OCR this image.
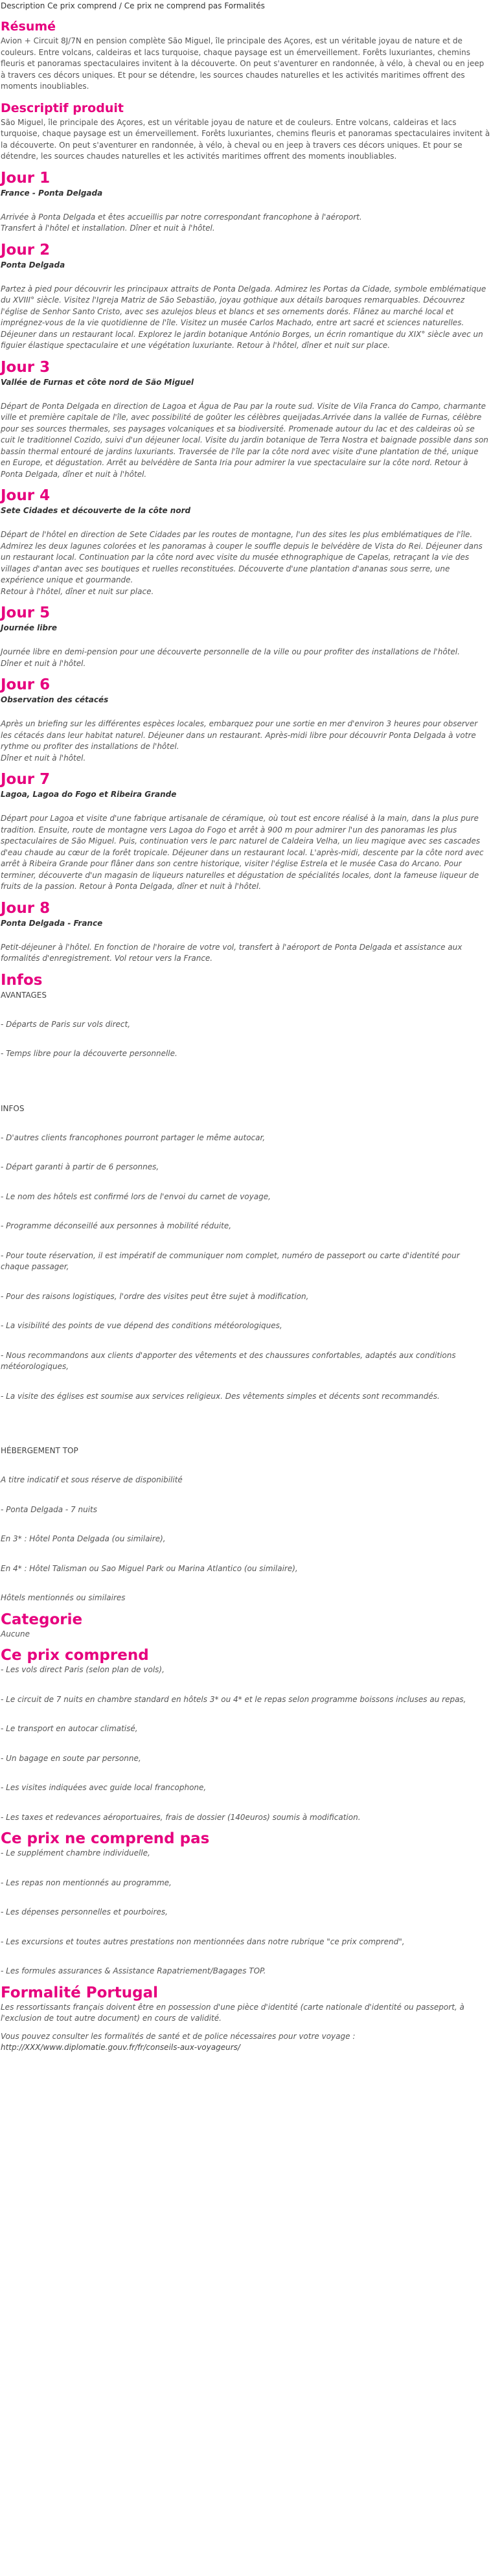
Description Ce prix comprend / Ce prix ne comprend pas Formalités
Résumé

Avion + Circuit 8J/7N en pension complète São Miguel, île principale des Açores, est un véritable joyau de nature et de couleurs. Entre volcans, caldeiras et lacs turquoise, chaque paysage est un émerveillement. Forêts luxuriantes, chemins fleuris et panoramas spectaculaires invitent à la découverte. On peut s'aventurer en randonnée, à vélo, à cheval ou en jeep à travers ces décors uniques. Et pour se détendre, les sources chaudes naturelles et les activités maritimes offrent des moments inoubliables.

Descriptif produit

São Miguel, île principale des Açores, est un véritable joyau de nature et de couleurs. Entre volcans, caldeiras et lacs turquoise, chaque paysage est un émerveillement. Forêts luxuriantes, chemins fleuris et panoramas spectaculaires invitent à la découverte. On peut s'aventurer en randonnée, à vélo, à cheval ou en jeep à travers ces décors uniques. Et pour se détendre, les sources chaudes naturelles et les activités maritimes offrent des moments inoubliables.

Jour 1

France - Ponta Delgada

Arrivée à Ponta Delgada et êtes accueillis par notre correspondant francophone à l'aéroport.
Transfert à l'hôtel et installation. Dîner et nuit à l'hôtel.

Jour 2

Ponta Delgada

Partez à pied pour découvrir les principaux attraits de Ponta Delgada. Admirez les Portas da Cidade, symbole emblématique du XVIII° siècle. Visitez l'Igreja Matriz de São Sebastião, joyau gothique aux détails baroques remarquables. Découvrez l'église de Senhor Santo Cristo, avec ses azulejos bleus et blancs et ses ornements dorés. Flânez au marché local et imprégnez-vous de la vie quotidienne de l'île. Visitez un musée Carlos Machado, entre art sacré et sciences naturelles. Déjeuner dans un restaurant local. Explorez le jardin botanique António Borges, un écrin romantique du XIX° siècle avec un figuier élastique spectaculaire et une végétation luxuriante. Retour à l'hôtel, dîner et nuit sur place.

Jour 3

Vallée de Furnas et côte nord de São Miguel

Départ de Ponta Delgada en direction de Lagoa et Água de Pau par la route sud. Visite de Vila Franca do Campo, charmante ville et première capitale de l'île, avec possibilité de goûter les célèbres queijadas.Arrivée dans la vallée de Furnas, célèbre pour ses sources thermales, ses paysages volcaniques et sa biodiversité. Promenade autour du lac et des caldeiras où se cuit le traditionnel Cozido, suivi d'un déjeuner local. Visite du jardin botanique de Terra Nostra et baignade possible dans son bassin thermal entouré de jardins luxuriants. Traversée de l'île par la côte nord avec visite d'une plantation de thé, unique en Europe, et dégustation. Arrêt au belvédère de Santa Iria pour admirer la vue spectaculaire sur la côte nord. Retour à Ponta Delgada, dîner et nuit à l'hôtel.

Jour 4

Sete Cidades et découverte de la côte nord

Départ de l'hôtel en direction de Sete Cidades par les routes de montagne, l'un des sites les plus emblématiques de l'île. Admirez les deux lagunes colorées et les panoramas à couper le souffle depuis le belvédère de Vista do Rei. Déjeuner dans un restaurant local. Continuation par la côte nord avec visite du musée ethnographique de Capelas, retraçant la vie des villages d'antan avec ses boutiques et ruelles reconstituées. Découverte d'une plantation d'ananas sous serre, une expérience unique et gourmande.
Retour à l'hôtel, dîner et nuit sur place.

Jour 5

Journée libre

Journée libre en demi-pension pour une découverte personnelle de la ville ou pour profiter des installations de l'hôtel.
Dîner et nuit à l'hôtel.

Jour 6

Observation des cétacés

Après un briefing sur les différentes espèces locales, embarquez pour une sortie en mer d'environ 3 heures pour observer les cétacés dans leur habitat naturel. Déjeuner dans un restaurant. Après-midi libre pour découvrir Ponta Delgada à votre rythme ou profiter des installations de l'hôtel.
Dîner et nuit à l'hôtel.

Jour 7

Lagoa, Lagoa do Fogo et Ribeira Grande

Départ pour Lagoa et visite d'une fabrique artisanale de céramique, où tout est encore réalisé à la main, dans la plus pure tradition. Ensuite, route de montagne vers Lagoa do Fogo et arrêt à 900 m pour admirer l'un des panoramas les plus spectaculaires de São Miguel. Puis, continuation vers le parc naturel de Caldeira Velha, un lieu magique avec ses cascades d'eau chaude au cœur de la forêt tropicale. Déjeuner dans un restaurant local. L'après-midi, descente par la côte nord avec arrêt à Ribeira Grande pour flâner dans son centre historique, visiter l'église Estrela et le musée Casa do Arcano. Pour terminer, découverte d'un magasin de liqueurs naturelles et dégustation de spécialités locales, dont la fameuse liqueur de fruits de la passion. Retour à Ponta Delgada, dîner et nuit à l'hôtel.

Jour 8

Ponta Delgada - France

Petit-déjeuner à l'hôtel. En fonction de l'horaire de votre vol, transfert à l'aéroport de Ponta Delgada et assistance aux formalités d'enregistrement. Vol retour vers la France.

Infos

AVANTAGES

- Départs de Paris sur vols direct,

- Temps libre pour la découverte personnelle.

INFOS

- D'autres clients francophones pourront partager le même autocar,

- Départ garanti à partir de 6 personnes,

- Le nom des hôtels est confirmé lors de l'envoi du carnet de voyage,

- Programme déconseillé aux personnes à mobilité réduite,

- Pour toute réservation, il est impératif de communiquer nom complet, numéro de passeport ou carte d'identité pour chaque passager,

- Pour des raisons logistiques, l'ordre des visites peut être sujet à modification,

- La visibilité des points de vue dépend des conditions météorologiques,

- Nous recommandons aux clients d'apporter des vêtements et des chaussures confortables, adaptés aux conditions météorologiques,

- La visite des églises est soumise aux services religieux. Des vêtements simples et décents sont recommandés.

HÉBERGEMENT TOP

A titre indicatif et sous réserve de disponibilité

- Ponta Delgada - 7 nuits

En 3* : Hôtel Ponta Delgada (ou similaire),

En 4* : Hôtel Talisman ou Sao Miguel Park ou Marina Atlantico (ou similaire),

Hôtels mentionnés ou similaires

Categorie

Aucune

Ce prix comprend

- Les vols direct Paris (selon plan de vols),

- Le circuit de 7 nuits en chambre standard en hôtels 3* ou 4* et le repas selon programme boissons incluses au repas,

- Le transport en autocar climatisé,

- Un bagage en soute par personne,

- Les visites indiquées avec guide local francophone,

- Les taxes et redevances aéroportuaires, frais de dossier (140euros) soumis à modification.

Ce prix ne comprend pas

- Le supplément chambre individuelle,

- Les repas non mentionnés au programme,

- Les dépenses personnelles et pourboires,

- Les excursions et toutes autres prestations non mentionnées dans notre rubrique "ce prix comprend",

- Les formules assurances & Assistance Rapatriement/Bagages TOP.

Formalité Portugal

Les ressortissants français doivent être en possession d'une pièce d'identité (carte nationale d'identité ou passeport, à l'exclusion de tout autre document) en cours de validité.

Vous pouvez consulter les formalités de santé et de police nécessaires pour votre voyage :
http://XXX/www.diplomatie.gouv.fr/fr/conseils-aux-voyageurs/
